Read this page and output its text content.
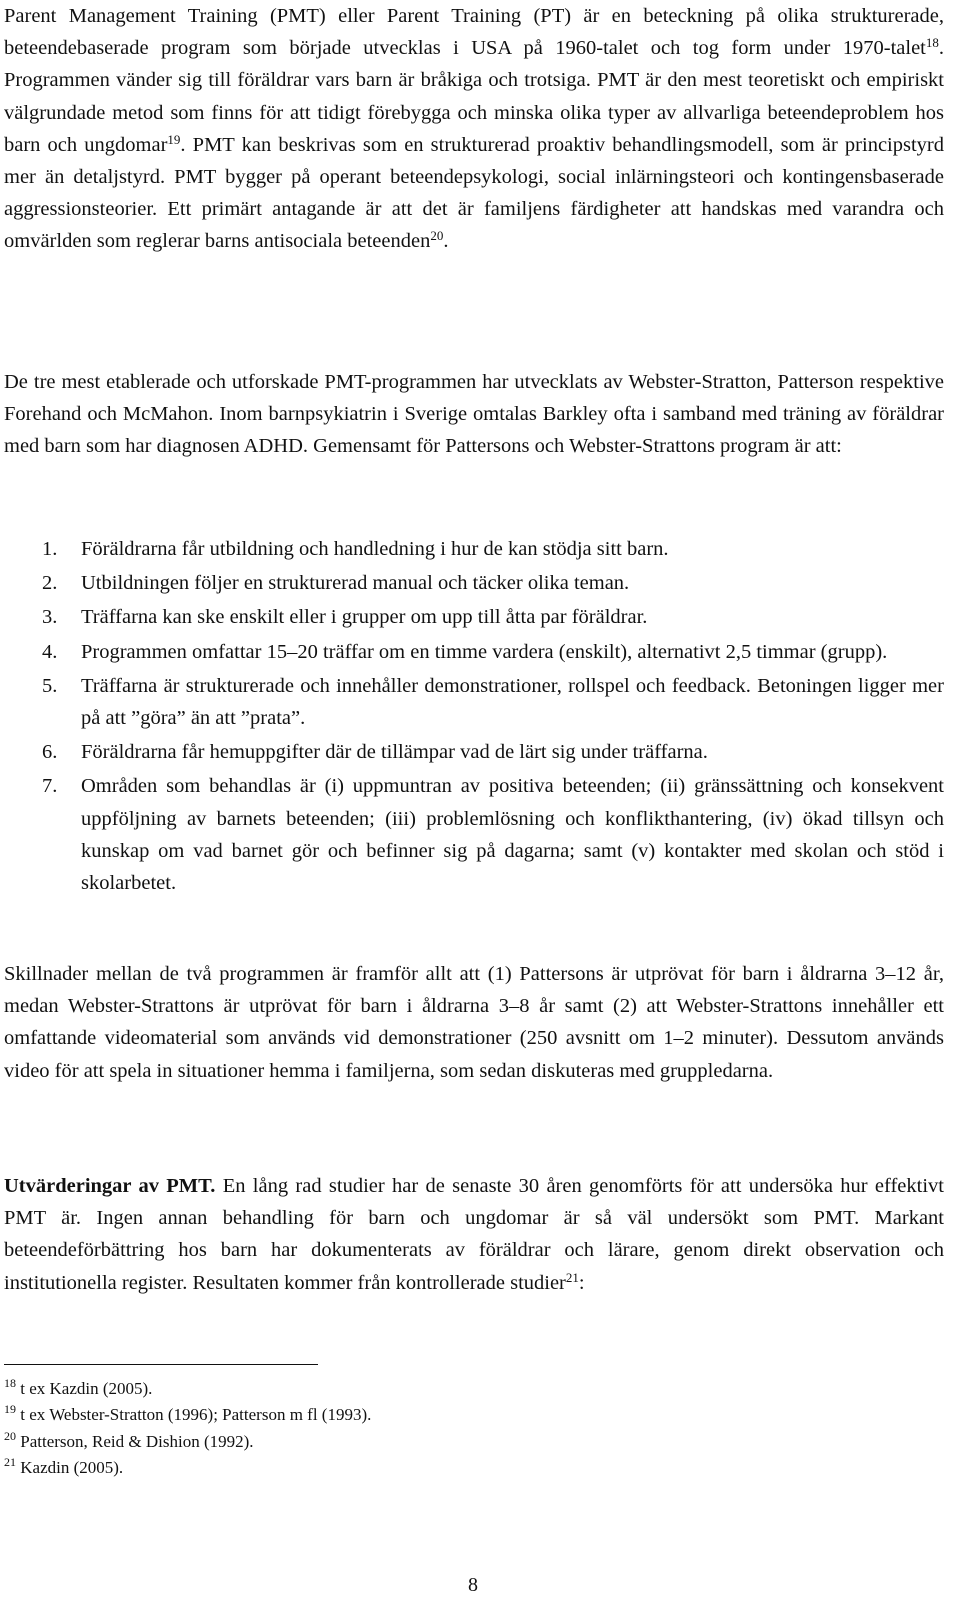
Parent Management Training (PMT) eller Parent Training (PT) är en beteckning på olika strukturerade, beteendebaserade program som började utvecklas i USA på 1960-talet och tog form under 1970-talet$^{18}$. Programmen vänder sig till föräldrar vars barn är bråkiga och trotsiga. PMT är den mest teoretiskt och empiriskt välgrundade metod som finns för att tidigt förebygga och minska olika typer av allvarliga beteendeproblem hos barn och ungdomar$^{19}$. PMT kan beskrivas som en strukturerad proaktiv behandlingsmodell, som är principstyrd mer än detaljstyrd. PMT bygger på operant beteendepsykologi, social inlärningsteori och kontingensbaserade aggressionsteorier. Ett primärt antagande är att det är familjens färdigheter att handskas med varandra och omvärlden som reglerar barns antisociala beteenden$^{20}$.

De tre mest etablerade och utforskade PMT-programmen har utvecklats av Webster-Stratton, Patterson respektive Forehand och McMahon. Inom barnpsykiatrin i Sverige omtalas Barkley ofta i samband med träning av föräldrar med barn som har diagnosen ADHD. Gemensamt för Pattersons och Webster-Strattons program är att:

1. Föräldrarna får utbildning och handledning i hur de kan stödja sitt barn.
2. Utbildningen följer en strukturerad manual och täcker olika teman.
3. Träffarna kan ske enskilt eller i grupper om upp till åtta par föräldrar.
4. Programmen omfattar 15–20 träffar om en timme vardera (enskilt), alternativt 2,5 timmar (grupp).
5. Träffarna är strukturerade och innehåller demonstrationer, rollspel och feedback. Betoningen ligger mer på att ”göra” än att ”prata”.
6. Föräldrarna får hemuppgifter där de tillämpar vad de lärt sig under träffarna.
7. Områden som behandlas är (i) uppmuntran av positiva beteenden; (ii) gränssättning och konsekvent uppföljning av barnets beteenden; (iii) problemlösning och konflikthantering, (iv) ökad tillsyn och kunskap om vad barnet gör och befinner sig på dagarna; samt (v) kontakter med skolan och stöd i skolarbetet.

Skillnader mellan de två programmen är framför allt att (1) Pattersons är utprövat för barn i åldrarna 3–12 år, medan Webster-Strattons är utprövat för barn i åldrarna 3–8 år samt (2) att Webster-Strattons innehåller ett omfattande videomaterial som används vid demonstrationer (250 avsnitt om 1–2 minuter). Dessutom används video för att spela in situationer hemma i familjerna, som sedan diskuteras med gruppledarna.

Utvärderingar av PMT. En lång rad studier har de senaste 30 åren genomförts för att undersöka hur effektivt PMT är. Ingen annan behandling för barn och ungdomar är så väl undersökt som PMT. Markant beteendeförbättring hos barn har dokumenterats av föräldrar och lärare, genom direkt observation och institutionella register. Resultaten kommer från kontrollerade studier$^{21}$:

$^{18}$ t ex Kazdin (2005).
$^{19}$ t ex Webster-Stratton (1996); Patterson m fl (1993).
$^{20}$ Patterson, Reid & Dishion (1992).
$^{21}$ Kazdin (2005).
8
